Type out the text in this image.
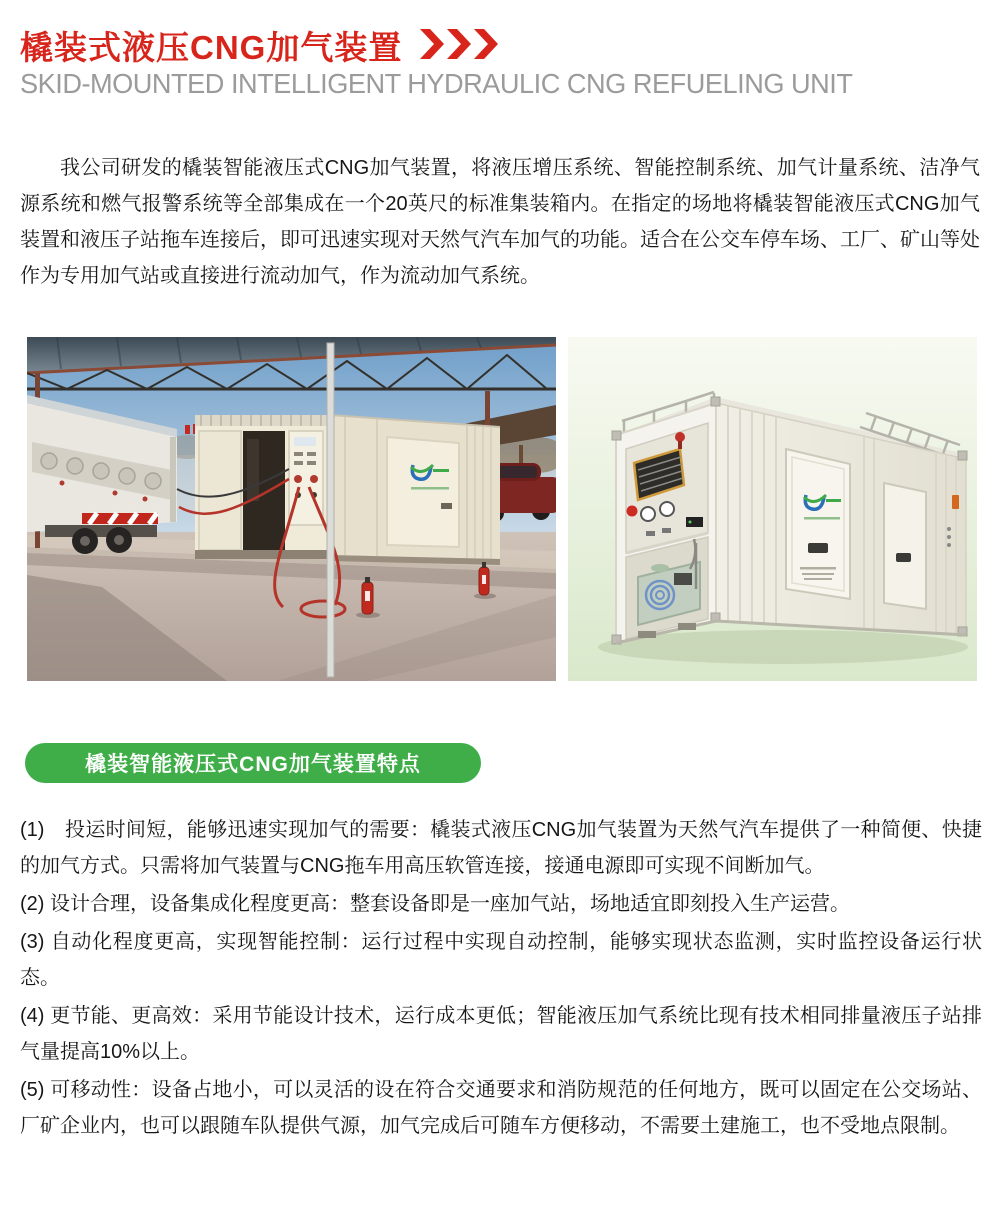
橇装式液压CNG加气装置
SKID-MOUNTED INTELLIGENT HYDRAULIC CNG REFUELING UNIT
我公司研发的橇装智能液压式CNG加气装置，将液压增压系统、智能控制系统、加气计量系统、洁净气源系统和燃气报警系统等全部集成在一个20英尺的标准集装箱内。在指定的场地将橇装智能液压式CNG加气装置和液压子站拖车连接后，即可迅速实现对天然气汽车加气的功能。适合在公交车停车场、工厂、矿山等处作为专用加气站或直接进行流动加气，作为流动加气系统。
橇装智能液压式CNG加气装置特点

(1)　投运时间短，能够迅速实现加气的需要：橇装式液压CNG加气装置为天然气汽车提供了一种简便、快捷的加气方式。只需将加气装置与CNG拖车用高压软管连接，接通电源即可实现不间断加气。

(2) 设计合理，设备集成化程度更高：整套设备即是一座加气站，场地适宜即刻投入生产运营。

(3) 自动化程度更高，实现智能控制：运行过程中实现自动控制，能够实现状态监测，实时监控设备运行状态。

(4) 更节能、更高效：采用节能设计技术，运行成本更低；智能液压加气系统比现有技术相同排量液压子站排气量提高10%以上。

(5) 可移动性：设备占地小，可以灵活的设在符合交通要求和消防规范的任何地方，既可以固定在公交场站、厂矿企业内，也可以跟随车队提供气源，加气完成后可随车方便移动，不需要土建施工，也不受地点限制。
